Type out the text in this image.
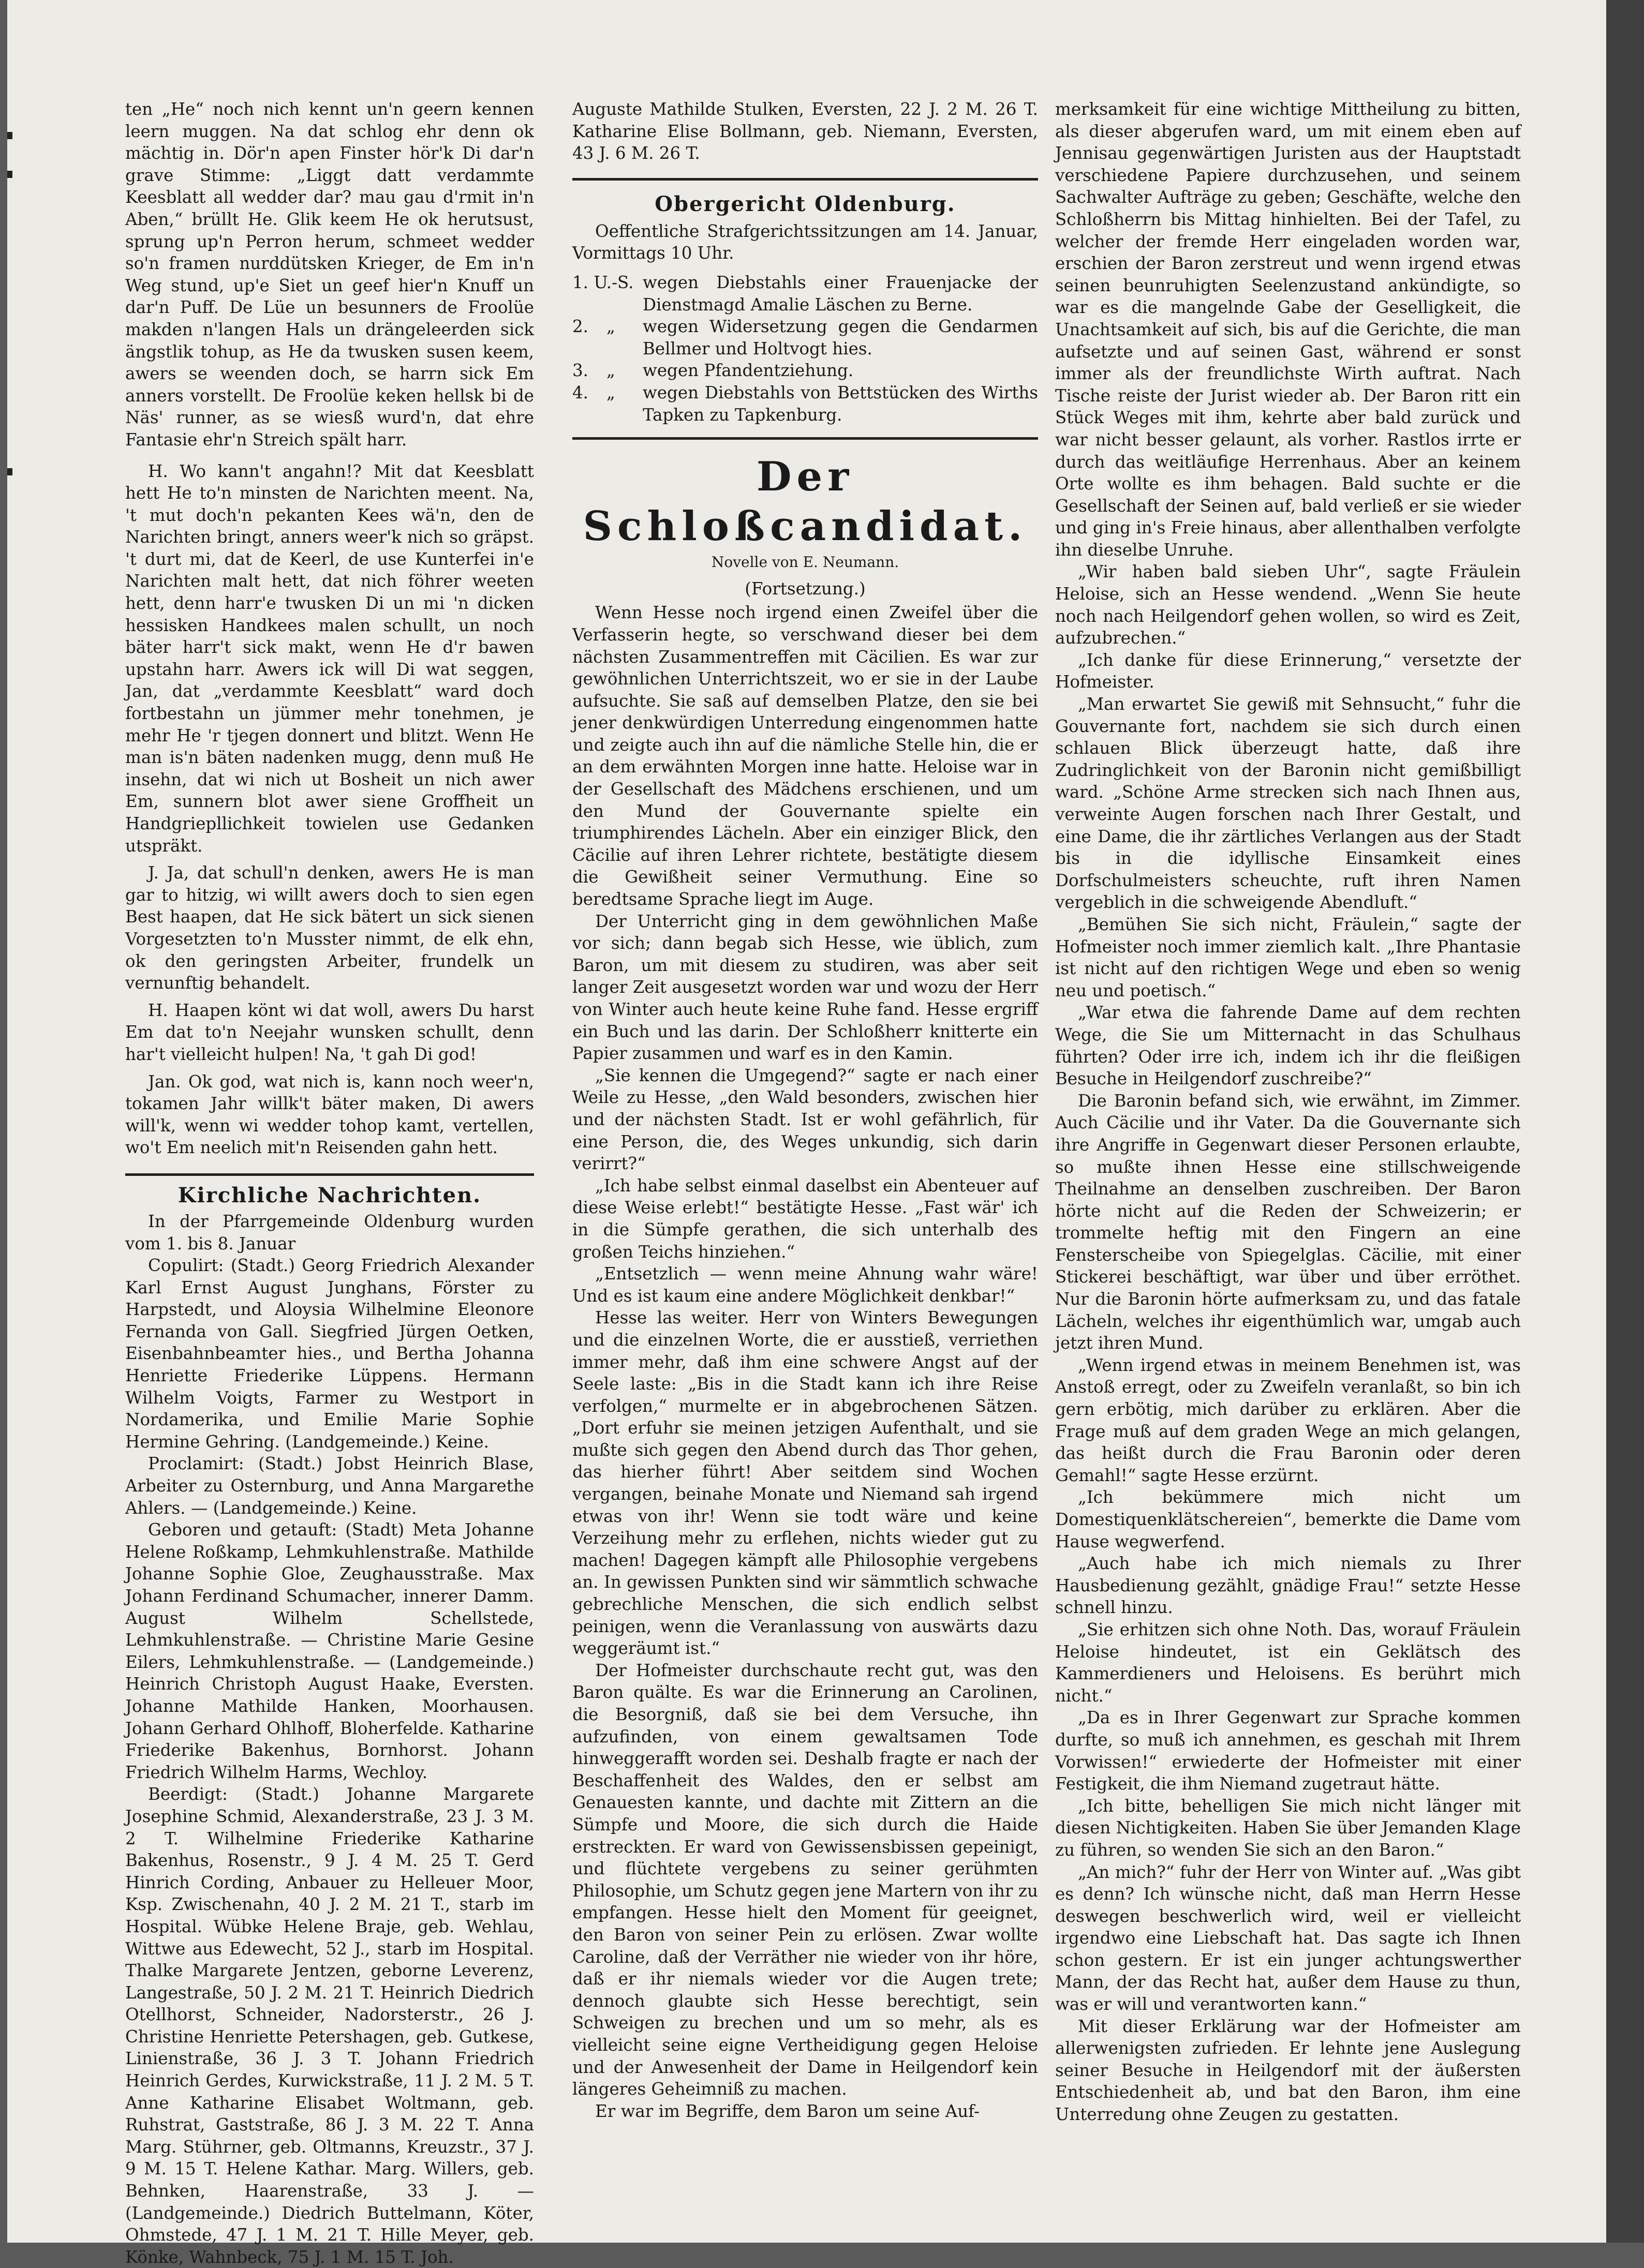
ten „He“ noch nich kennt un'n geern kennen leern muggen. Na dat schlog ehr denn ok mächtig in. Dör'n apen Finster hör'k Di dar'n grave Stimme: „Liggt datt verdammte Keesblatt all wedder dar? mau gau d'rmit in'n Aben,“ brüllt He. Glik keem He ok herutsust, sprung up'n Perron herum, schmeet wedder so'n framen nurddütsken Krieger, de Em in'n Weg stund, up'e Siet un geef hier'n Knuff un dar'n Puff. De Lüe un besunners de Froolüe makden n'langen Hals un drängeleerden sick ängstlik tohup, as He da twusken susen keem, awers se weenden doch, se harrn sick Em anners vorstellt. De Froolüe keken hellsk bi de Näs' runner, as se wiesß wurd'n, dat ehre Fantasie ehr'n Streich spält harr.

H. Wo kann't angahn!? Mit dat Keesblatt hett He to'n minsten de Narichten meent. Na, 't mut doch'n pekanten Kees wä'n, den de Narichten bringt, anners weer'k nich so gräpst. 't durt mi, dat de Keerl, de use Kunterfei in'e Narichten malt hett, dat nich föhrer weeten hett, denn harr'e twusken Di un mi 'n dicken hessisken Handkees malen schullt, un noch bäter harr't sick makt, wenn He d'r bawen upstahn harr. Awers ick will Di wat seggen, Jan, dat „verdammte Keesblatt“ ward doch fortbestahn un jümmer mehr tonehmen, je mehr He 'r tjegen donnert und blitzt. Wenn He man is'n bäten nadenken mugg, denn muß He insehn, dat wi nich ut Bosheit un nich awer Em, sunnern blot awer siene Groffheit un Handgriepllichkeit towielen use Gedanken utspräkt.

J. Ja, dat schull'n denken, awers He is man gar to hitzig, wi willt awers doch to sien egen Best haapen, dat He sick bätert un sick sienen Vorgesetzten to'n Musster nimmt, de elk ehn, ok den geringsten Arbeiter, frundelk un vernunftig behandelt.

H. Haapen könt wi dat woll, awers Du harst Em dat to'n Neejahr wunsken schullt, denn har't vielleicht hulpen! Na, 't gah Di god!

Jan. Ok god, wat nich is, kann noch weer'n, tokamen Jahr willk't bäter maken, Di awers will'k, wenn wi wedder tohop kamt, vertellen, wo't Em neelich mit'n Reisenden gahn hett.

Kirchliche Nachrichten.

In der Pfarrgemeinde Oldenburg wurden vom 1. bis 8. Januar

Copulirt: (Stadt.) Georg Friedrich Alexander Karl Ernst August Junghans, Förster zu Harpstedt, und Aloysia Wilhelmine Eleonore Fernanda von Gall. Siegfried Jürgen Oetken, Eisenbahnbeamter hies., und Bertha Johanna Henriette Friederike Lüppens. Hermann Wilhelm Voigts, Farmer zu Westport in Nordamerika, und Emilie Marie Sophie Hermine Gehring. (Landgemeinde.) Keine.

Proclamirt: (Stadt.) Jobst Heinrich Blase, Arbeiter zu Osternburg, und Anna Margarethe Ahlers. — (Landgemeinde.) Keine.

Geboren und getauft: (Stadt) Meta Johanne Helene Roßkamp, Lehmkuhlenstraße. Mathilde Johanne Sophie Gloe, Zeughausstraße. Max Johann Ferdinand Schumacher, innerer Damm. August Wilhelm Schellstede, Lehmkuhlenstraße. — Christine Marie Gesine Eilers, Lehmkuhlenstraße. — (Landgemeinde.) Heinrich Christoph August Haake, Eversten. Johanne Mathilde Hanken, Moorhausen. Johann Gerhard Ohlhoff, Bloherfelde. Katharine Friederike Bakenhus, Bornhorst. Johann Friedrich Wilhelm Harms, Wechloy.

Beerdigt: (Stadt.) Johanne Margarete Josephine Schmid, Alexanderstraße, 23 J. 3 M. 2 T. Wilhelmine Friederike Katharine Bakenhus, Rosenstr., 9 J. 4 M. 25 T. Gerd Hinrich Cording, Anbauer zu Helleuer Moor, Ksp. Zwischenahn, 40 J. 2 M. 21 T., starb im Hospital. Wübke Helene Braje, geb. Wehlau, Wittwe aus Edewecht, 52 J., starb im Hospital. Thalke Margarete Jentzen, geborne Leverenz, Langestraße, 50 J. 2 M. 21 T. Heinrich Diedrich Otellhorst, Schneider, Nadorsterstr., 26 J. Christine Henriette Petershagen, geb. Gutkese, Linienstraße, 36 J. 3 T. Johann Friedrich Heinrich Gerdes, Kurwickstraße, 11 J. 2 M. 5 T. Anne Katharine Elisabet Woltmann, geb. Ruhstrat, Gaststraße, 86 J. 3 M. 22 T. Anna Marg. Stührner, geb. Oltmanns, Kreuzstr., 37 J. 9 M. 15 T. Helene Kathar. Marg. Willers, geb. Behnken, Haarenstraße, 33 J. — (Landgemeinde.) Diedrich Buttelmann, Köter, Ohmstede, 47 J. 1 M. 21 T. Hille Meyer, geb. Könke, Wahnbeck, 75 J. 1 M. 15 T. Joh.

Auguste Mathilde Stulken, Eversten, 22 J. 2 M. 26 T. Katharine Elise Bollmann, geb. Niemann, Eversten, 43 J. 6 M. 26 T.

Obergericht Oldenburg.

Oeffentliche Strafgerichtssitzungen am 14. Januar, Vormittags 10 Uhr.

1. U.-S. wegen Diebstahls einer Frauenjacke der Dienstmagd Amalie Läschen zu Berne.
2.	„	wegen Widersetzung gegen die Gendarmen Bellmer und Holtvogt hies.
3.	„	wegen Pfandentziehung.
4.	„	wegen Diebstahls von Bettstücken des Wirths Tapken zu Tapkenburg.
Der Schloßcandidat.

Novelle von E. Neumann.

(Fortsetzung.)

Wenn Hesse noch irgend einen Zweifel über die Verfasserin hegte, so verschwand dieser bei dem nächsten Zusammentreffen mit Cäcilien. Es war zur gewöhnlichen Unterrichtszeit, wo er sie in der Laube aufsuchte. Sie saß auf demselben Platze, den sie bei jener denkwürdigen Unterredung eingenommen hatte und zeigte auch ihn auf die nämliche Stelle hin, die er an dem erwähnten Morgen inne hatte. Heloise war in der Gesellschaft des Mädchens erschienen, und um den Mund der Gouvernante spielte ein triumphirendes Lächeln. Aber ein einziger Blick, den Cäcilie auf ihren Lehrer richtete, bestätigte diesem die Gewißheit seiner Vermuthung. Eine so beredtsame Sprache liegt im Auge.

Der Unterricht ging in dem gewöhnlichen Maße vor sich; dann begab sich Hesse, wie üblich, zum Baron, um mit diesem zu studiren, was aber seit langer Zeit ausgesetzt worden war und wozu der Herr von Winter auch heute keine Ruhe fand. Hesse ergriff ein Buch und las darin. Der Schloßherr knitterte ein Papier zusammen und warf es in den Kamin.

„Sie kennen die Umgegend?“ sagte er nach einer Weile zu Hesse, „den Wald besonders, zwischen hier und der nächsten Stadt. Ist er wohl gefährlich, für eine Person, die, des Weges unkundig, sich darin verirrt?“

„Ich habe selbst einmal daselbst ein Abenteuer auf diese Weise erlebt!“ bestätigte Hesse. „Fast wär' ich in die Sümpfe gerathen, die sich unterhalb des großen Teichs hinziehen.“

„Entsetzlich — wenn meine Ahnung wahr wäre! Und es ist kaum eine andere Möglichkeit denkbar!“

Hesse las weiter. Herr von Winters Bewegungen und die einzelnen Worte, die er ausstieß, verriethen immer mehr, daß ihm eine schwere Angst auf der Seele laste: „Bis in die Stadt kann ich ihre Reise verfolgen,“ murmelte er in abgebrochenen Sätzen. „Dort erfuhr sie meinen jetzigen Aufenthalt, und sie mußte sich gegen den Abend durch das Thor gehen, das hierher führt! Aber seitdem sind Wochen vergangen, beinahe Monate und Niemand sah irgend etwas von ihr! Wenn sie todt wäre und keine Verzeihung mehr zu erflehen, nichts wieder gut zu machen! Dagegen kämpft alle Philosophie vergebens an. In gewissen Punkten sind wir sämmtlich schwache gebrechliche Menschen, die sich endlich selbst peinigen, wenn die Veranlassung von auswärts dazu weggeräumt ist.“

Der Hofmeister durchschaute recht gut, was den Baron quälte. Es war die Erinnerung an Carolinen, die Besorgniß, daß sie bei dem Versuche, ihn aufzufinden, von einem gewaltsamen Tode hinweggerafft worden sei. Deshalb fragte er nach der Beschaffenheit des Waldes, den er selbst am Genauesten kannte, und dachte mit Zittern an die Sümpfe und Moore, die sich durch die Haide erstreckten. Er ward von Gewissensbissen gepeinigt, und flüchtete vergebens zu seiner gerühmten Philosophie, um Schutz gegen jene Martern von ihr zu empfangen. Hesse hielt den Moment für geeignet, den Baron von seiner Pein zu erlösen. Zwar wollte Caroline, daß der Verräther nie wieder von ihr höre, daß er ihr niemals wieder vor die Augen trete; dennoch glaubte sich Hesse berechtigt, sein Schweigen zu brechen und um so mehr, als es vielleicht seine eigne Vertheidigung gegen Heloise und der Anwesenheit der Dame in Heilgendorf kein längeres Geheimniß zu machen.

Er war im Begriffe, dem Baron um seine Auf-

merksamkeit für eine wichtige Mittheilung zu bitten, als dieser abgerufen ward, um mit einem eben auf Jennisau gegenwärtigen Juristen aus der Hauptstadt verschiedene Papiere durchzusehen, und seinem Sachwalter Aufträge zu geben; Geschäfte, welche den Schloßherrn bis Mittag hinhielten. Bei der Tafel, zu welcher der fremde Herr eingeladen worden war, erschien der Baron zerstreut und wenn irgend etwas seinen beunruhigten Seelenzustand ankündigte, so war es die mangelnde Gabe der Geselligkeit, die Unachtsamkeit auf sich, bis auf die Gerichte, die man aufsetzte und auf seinen Gast, während er sonst immer als der freundlichste Wirth auftrat. Nach Tische reiste der Jurist wieder ab. Der Baron ritt ein Stück Weges mit ihm, kehrte aber bald zurück und war nicht besser gelaunt, als vorher. Rastlos irrte er durch das weitläufige Herrenhaus. Aber an keinem Orte wollte es ihm behagen. Bald suchte er die Gesellschaft der Seinen auf, bald verließ er sie wieder und ging in's Freie hinaus, aber allenthalben verfolgte ihn dieselbe Unruhe.

„Wir haben bald sieben Uhr“, sagte Fräulein Heloise, sich an Hesse wendend. „Wenn Sie heute noch nach Heilgendorf gehen wollen, so wird es Zeit, aufzubrechen.“

„Ich danke für diese Erinnerung,“ versetzte der Hofmeister.

„Man erwartet Sie gewiß mit Sehnsucht,“ fuhr die Gouvernante fort, nachdem sie sich durch einen schlauen Blick überzeugt hatte, daß ihre Zudringlichkeit von der Baronin nicht gemißbilligt ward. „Schöne Arme strecken sich nach Ihnen aus, verweinte Augen forschen nach Ihrer Gestalt, und eine Dame, die ihr zärtliches Verlangen aus der Stadt bis in die idyllische Einsamkeit eines Dorfschulmeisters scheuchte, ruft ihren Namen vergeblich in die schweigende Abendluft.“

„Bemühen Sie sich nicht, Fräulein,“ sagte der Hofmeister noch immer ziemlich kalt. „Ihre Phantasie ist nicht auf den richtigen Wege und eben so wenig neu und poetisch.“

„War etwa die fahrende Dame auf dem rechten Wege, die Sie um Mitternacht in das Schulhaus führten? Oder irre ich, indem ich ihr die fleißigen Besuche in Heilgendorf zuschreibe?“

Die Baronin befand sich, wie erwähnt, im Zimmer. Auch Cäcilie und ihr Vater. Da die Gouvernante sich ihre Angriffe in Gegenwart dieser Personen erlaubte, so mußte ihnen Hesse eine stillschweigende Theilnahme an denselben zuschreiben. Der Baron hörte nicht auf die Reden der Schweizerin; er trommelte heftig mit den Fingern an eine Fensterscheibe von Spiegelglas. Cäcilie, mit einer Stickerei beschäftigt, war über und über erröthet. Nur die Baronin hörte aufmerksam zu, und das fatale Lächeln, welches ihr eigenthümlich war, umgab auch jetzt ihren Mund.

„Wenn irgend etwas in meinem Benehmen ist, was Anstoß erregt, oder zu Zweifeln veranlaßt, so bin ich gern erbötig, mich darüber zu erklären. Aber die Frage muß auf dem graden Wege an mich gelangen, das heißt durch die Frau Baronin oder deren Gemahl!“ sagte Hesse erzürnt.

„Ich bekümmere mich nicht um Domestiquenklätschereien“, bemerkte die Dame vom Hause wegwerfend.

„Auch habe ich mich niemals zu Ihrer Hausbedienung gezählt, gnädige Frau!“ setzte Hesse schnell hinzu.

„Sie erhitzen sich ohne Noth. Das, worauf Fräulein Heloise hindeutet, ist ein Geklätsch des Kammerdieners und Heloisens. Es berührt mich nicht.“

„Da es in Ihrer Gegenwart zur Sprache kommen durfte, so muß ich annehmen, es geschah mit Ihrem Vorwissen!“ erwiederte der Hofmeister mit einer Festigkeit, die ihm Niemand zugetraut hätte.

„Ich bitte, behelligen Sie mich nicht länger mit diesen Nichtigkeiten. Haben Sie über Jemanden Klage zu führen, so wenden Sie sich an den Baron.“

„An mich?“ fuhr der Herr von Winter auf. „Was gibt es denn? Ich wünsche nicht, daß man Herrn Hesse deswegen beschwerlich wird, weil er vielleicht irgendwo eine Liebschaft hat. Das sagte ich Ihnen schon gestern. Er ist ein junger achtungswerther Mann, der das Recht hat, außer dem Hause zu thun, was er will und verantworten kann.“

Mit dieser Erklärung war der Hofmeister am allerwenigsten zufrieden. Er lehnte jene Auslegung seiner Besuche in Heilgendorf mit der äußersten Entschiedenheit ab, und bat den Baron, ihm eine Unterredung ohne Zeugen zu gestatten.
